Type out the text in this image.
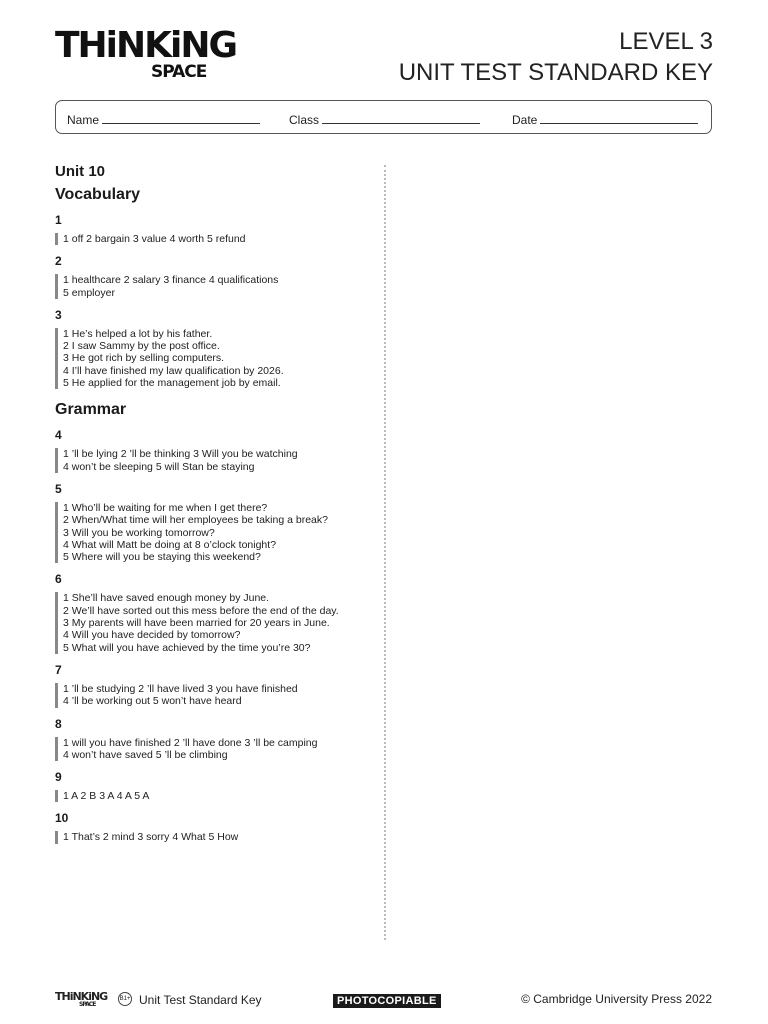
THiNKiNG
SPACE
LEVEL 3
UNIT TEST STANDARD KEY
Name	Class	Date
Unit 10
Vocabulary
1
1 off 2 bargain 3 value 4 worth 5 refund
2
1 healthcare 2 salary 3 finance 4 qualifications
5 employer
3
1 He’s helped a lot by his father.
2 I saw Sammy by the post office.
3 He got rich by selling computers.
4 I’ll have finished my law qualification by 2026.
5 He applied for the management job by email.
Grammar
4
1 ’ll be lying 2 ’ll be thinking 3 Will you be watching
4 won’t be sleeping 5 will Stan be staying
5
1 Who’ll be waiting for me when I get there?
2 When/What time will her employees be taking a break?
3 Will you be working tomorrow?
4 What will Matt be doing at 8 o’clock tonight?
5 Where will you be staying this weekend?
6
1 She’ll have saved enough money by June.
2 We’ll have sorted out this mess before the end of the day.
3 My parents will have been married for 20 years in June.
4 Will you have decided by tomorrow?
5 What will you have achieved by the time you’re 30?
7
1 ’ll be studying 2 ’ll have lived 3 you have finished
4 ’ll be working out 5 won’t have heard
8
1 will you have finished 2 ’ll have done 3 ’ll be camping
4 won’t have saved 5 ’ll be climbing
9
1 A 2 B 3 A 4 A 5 A
10
1 That’s 2 mind 3 sorry 4 What 5 How
THiNKiNG
SPACE
B1+ Unit Test Standard Key	PHOTOCOPIABLE	© Cambridge University Press 2022
